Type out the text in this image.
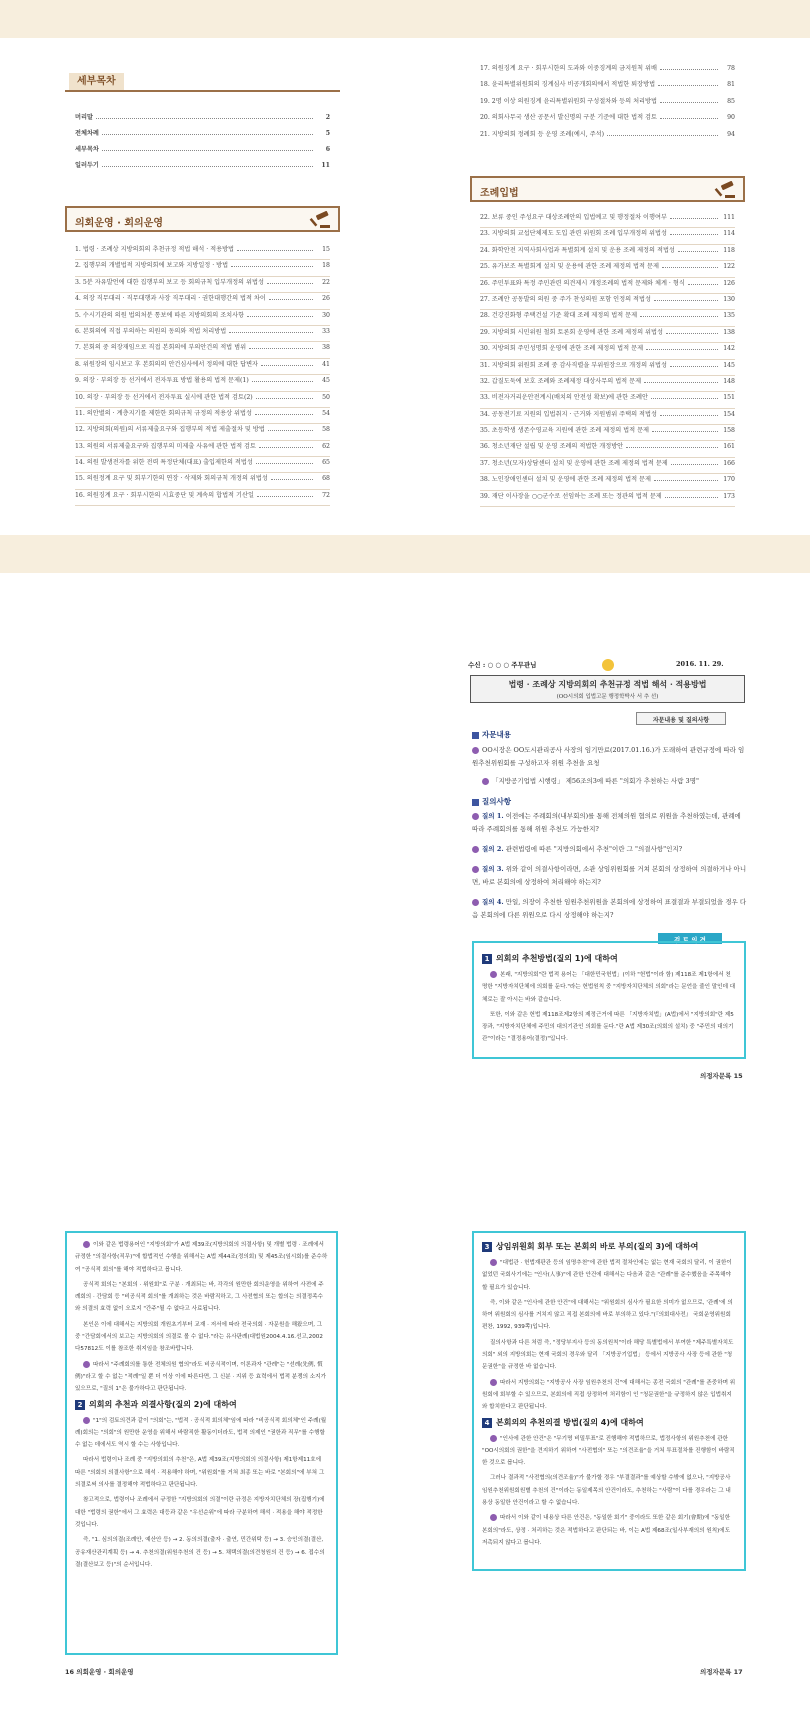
세부목차
머리말	2
전체차례	5
세부목차	6
일러두기	11
의회운영 · 회의운영
1. 법령 · 조례상 지방의회의 추천규정 적법 해석 · 적용방법	15
2. 집행부의 개별법적 지방의회에 보고와 지방일정 · 방법	18
3. 5분 자유발언에 대한 집행부의 보고 등 회의규칙 입부개정의 위법성	22
4. 의장 직무대리 · 직무대행과 사장 직무대리 · 권한대행간의 법적 차이	26
5. 수시기관의 의원 법의처분 통보에 따른 지방의회의 조치사항	30
6. 본회의에 직접 부의하는 의원의 동의와 적법 처리방법	33
7. 본회의 중 의장재임으로 직접 본회의에 부의안건의 적법 범위	38
8. 위원장의 임시보고 후 본회의의 안건심사에서 정의에 대한 답변자	41
9. 의장 · 부의장 등 선거에서 전자투표 방법 활용의 법적 문제(1)	45
10. 의장 · 부의장 등 선거에서 전자투표 실시에 관한 법적 검토(2)	50
11. 의안별의 · 계층지기를 제한한 회의규칙 규정의 적용상 위법성	54
12. 지방의회(의원)의 서류제출요구와 집행부의 적법 제출절차 및 방법	58
13. 의원의 서류제출요구와 집행부의 미제출 사유에 관한 법적 검토	62
14. 의원 발생전자를 위한 전력 특정단체(대표) 출입제한의 적법성	65
15. 의원정계 요구 및 회부기한의 연장 · 삭제와 회의규칙 개정의 위법성	68
16. 의원징계 요구 · 회부시한의 시효중단 및 계속의 합법적 기산일	72
17. 의원징계 요구 · 회부시한의 도과와 이중징계의 금지원칙 위배	78
18. 윤리특별위원회의 징계심사 비공개회의에서 적법한 퇴장방법	81
19. 2명 이상 의원징계 윤리특별위원회 구성절차와 등의 처리방법	85
20. 의회사무국 생산 공문서 발신명의 구분 기준에 대한 법적 검토	90
21. 지방의회 정례회 등 운영 조례(예시, 주석)	94
조례입법
22. 보류 중인 주성요구 대상조례안의 입법예고 및 행정절차 이행여부	111
23. 지방의회 교섭단체제도 도입 관련 위원회 조례 입부개정의 위법성	114
24. 화학안전 지역사회사업과 특별회계 설치 및 운용 조례 제정의 적법성	118
25. 유가보조 특별회계 설치 및 운용에 관한 조례 제정의 법적 문제	122
26. 주민투표와 특정 주민관련 의견제시 개정조례의 법적 문제와 체계 · 형식	126
27. 조례안 공동발의 의원 중 주가 찬성의원 포함 인정의 적법성	130
28. 건강진화형 주택건설 기준 확대 조례 제정의 법적 문제	135
29. 지방의회 시민위원 철회 토론회 운영에 관한 조례 제정의 위법성	138
30. 지방의회 주민성명회 운영에 관한 조례 제정의 법적 문제	142
31. 지방의회 위원회 조례 중 감사직렬을 부위원장으로 개정의 위법성	145
32. 갑질도둑에 보호 조례와 조례제정 대상사무의 법적 문제	148
33. 비전자거리운안전계시(배치의 안전성 확보)에 관한 조례안	151
34. 공동전기료 지원의 입법취지 · 근거와 지원범위 주택의 적법성	154
35. 초등학생 생존수영교육 지원에 관한 조례 제정의 법적 문제	158
36. 청소년재단 설립 및 운영 조례의 적법한 개정방안	161
37. 청소년(모자)상담센터 설치 및 운영에 관한 조례 제정의 법적 문제	166
38. 노인장애인센터 설치 및 운영에 관한 조례 제정의 법적 문제	170
39. 재단 이사장을 ○○군수로 선임하는 조례 또는 정관의 법적 문제	173
수신 : ○ ○ ○ 주무관님	2016. 11. 29.
법령 · 조례상 지방의회의 추천규정 적법 해석 · 적용방법
(OO시의회 입법고문 행정학박사 서 추 선)
자문내용 및 질의사항
자문내용
OO시장은 OO도시관리공사 사장의 임기만료(2017.01.16.)가 도래하여 관련규정에 따라 임원추천위원회를 구성하고자 위원 추천을 요청
「지방공기업법 시행령」 제56조의3에 따른 "의회가 추천하는 사람 3명"
질의사항
질의 1. 이전에는 주례회의(내부회의)를 통해 전체의원 협의로 위원을 추천하였는데, 관례에 따라 주례회의를 통해 위원 추천도 가능한지?
질의 2. 관련법령에 따른 "지방의회에서 추천"이란 그 "의결사항"인지?
질의 3. 위와 같이 의결사항이라면, 소관 상임위원회를 거쳐 본회의 상정하여 의결하거나 아니면, 바로 본회의에 상정하여 처리해야 하는지?
질의 4. 만일, 의장이 추천한 임원추천위원을 본회의에 상정하여 표결결과 부결되었을 경우 다음 본회의에 다른 위원으로 다시 상정해야 하는지?
검 토 의 견
1 의회의 추천방법(질의 1)에 대하여

본래, "지방의회"란 법적 용어는 「대한민국헌법」(이하 "헌법"이라 함) 제118조 제1항에서 천명한 "지방자치단체에 의회를 둔다."라는 헌법원칙 중 "지방자치단체의 의회"라는 문언을 줄인 말인데 대체로는 잘 아시는 바와 같습니다.

또한, 이와 같은 헌법 제118조제2항의 제정근거에 따른 「지방자치법」(A법)에서 "지방의회"란 제5장과, "지방자치단체에 주민의 대의기관인 의회를 둔다."란 A법 제30조(의회의 설치) 중 "주민의 대의기관"이라는 "결정용어(결정)"입니다.

의정자문록 15

이와 같은 법령용어인 "지방의회"가 A법 제39조(지방의회의 의결사항) 및 개별 법령 · 조례에서 규정한 "의결사항(직무)"에 합법적인 수행을 위해서는 A법 제44조(정의회) 및 제45조(임시회)를 준수하여 "공식적 회의"를 해야 적법하다고 봅니다.

공식적 회의는 "본회의 · 위원회"로 구분 · 개최되는 바, 각각의 원만한 회의운영을 위하여 사전에 주례회의 · 간담회 등 "비공식적 회의"를 개최하는 것은 바람직하고, 그 사전협의 또는 합의는 의결정족수와 의결의 효력 없이 오로지 "간주"될 수 없다고 사료됩니다.

본인은 이에 대해서는 지방의회 개원초기부터 교재 · 저서에 따라 전국의회 · 자문원을 해왔으며, 그 중 "간담회에서의 보고는 지방의회의 의결로 볼 수 없다."라는 유사판례(대법원2004.4.16.선고,2002다57812도 이를 참조한 취지임을 참조바랍니다.

따라서 "주례회의를 통한 전체의원 협의"라도 비공식적이며, 이론과자 "관례"는 "선례(先例, 慣例)"라고 할 수 없는 "적례"일 뿐 더 이상 이에 따른다면, 그 신분 · 지위 등 효력에서 법적 분쟁의 소지가 있으므로, "질의 1"은 불가하다고 판단됩니다.

2 의회의 추천과 의결사항(질의 2)에 대하여

"1"의 검토의견과 같이 "의회"는, "법적 · 공식적 회의체"임에 따라 "비공식적 회의체"인 주례(월례)회의는 "의회"의 원만한 운영을 위해서 바람직한 활동이더라도, 법적 의제인 "권한과 직무"를 수행할 수 없는 데에서도 역시 할 수는 사항입니다.

따라서 법령이나 조례 중 "지방의회의 추천"은, A법 제39조(지방의회의 의결사항) 제1항제11호에 따른 "의회의 의결사항"으로 해석 · 적용해야 하며, "위원회"를 거쳐 최종 또는 바로 "본회의"에 부쳐 그 의결로써 의사를 결정해야 적법하다고 판단됩니다.

참고적으로, 법령이나 조례에서 규정한 "지방의회의 의결"이란 규정은 지방자치단체의 장(집행기)에 대한 "법령의 권한"에서 그 효력은 대등과 같은 "우선순위"에 따라 구분하여 해석 · 적용을 해야 적정한 것입니다.

즉, "1. 심의의결(조례안, 예산안 등) → 2. 동의의결(출자 · 출연, 민간위탁 등) → 3. 승인의결(결산, 공유재산관리계획 등) → 4. 추천의결(위원추천의 건 등) → 5. 채택의결(의견청원의 건 등) → 6. 접수의결(결산보고 등)"의 순서입니다.

16 의회운영 · 회의운영
3 상임위원회 회부 또는 본회의 바로 부의(질의 3)에 대하여

"대법관 · 헌법재판관 등의 임명추천"에 관한 법적 절차인에는 없는 현재 국회의 달리, 이 권한이 없었던 국회사기에는 "인사(人事)"에 관한 안건에 대해서는 다음과 같은 "관례"를 준수했음을 주목해야 할 필요가 있습니다.

즉, 이와 같은 "인사에 관한 안건"에 대해서는 "위원회의 심사가 필요한 의미가 없으므로, '관례'에 의하여 위원회의 심사를 거치지 않고 직접 본회의에 바로 부의하고 있다."(『의회대사전』 국회운영위원회 편찬, 1992, 939쪽)입니다.

질의사항과 다른 처럼 즉, "정당부지사 등의 동의원칙"이라 해당 특별법에서 부여한 "제주특별자치도의회" 외의 지방의회는 현재 국회의 경우와 달리 「지방공기업법」 등에서 지방공사 사장 등에 관한 "청문권한"을 규정한 바 없습니다.

따라서 지방의회는 "지방공사 사장 임원추천의 건"에 대해서는 종전 국회의 "관례"를 존중하며 위원회에 회부할 수 있으므로, 본회의에 직접 상정하여 처리함이 인 "청문권한"을 규정하지 않은 입법취지와 합치한다고 판단됩니다.

4 본회의의 추천의결 방법(질의 4)에 대하여

"인사에 관한 안건"은 "무기명 비밀투표"로 진행해야 적법하므로, 법정사항의 위원추천에 관한 "OO시의회의 권한"을 견지하기 위하여 "사전협의" 또는 "의견조율"을 거쳐 투표절차를 진행함이 바람직한 것으로 봅니다.

그러나 결과적 "사전협의(의견조율)"가 불가할 경우 "부결결과"를 예상할 수밖에 없으나, "지방공사 임원추천위원회원별 추천의 건"이라는 동일제목의 안건이라도, 추천하는 "사람"이 다를 경우라는 그 내용상 동일한 안건이라고 할 수 없습니다.

따라서 이와 같이 내용상 다른 안건은, "동일한 회기" 중이라도 또한 같은 회기(會期)에 "동일한 본회의"라도, 상정 · 처리하는 것은 적법하다고 판단되는 바, 이는 A법 제68조(일사부재의의 원칙)에도 저촉되지 않다고 봅니다.

의정자문록 17
